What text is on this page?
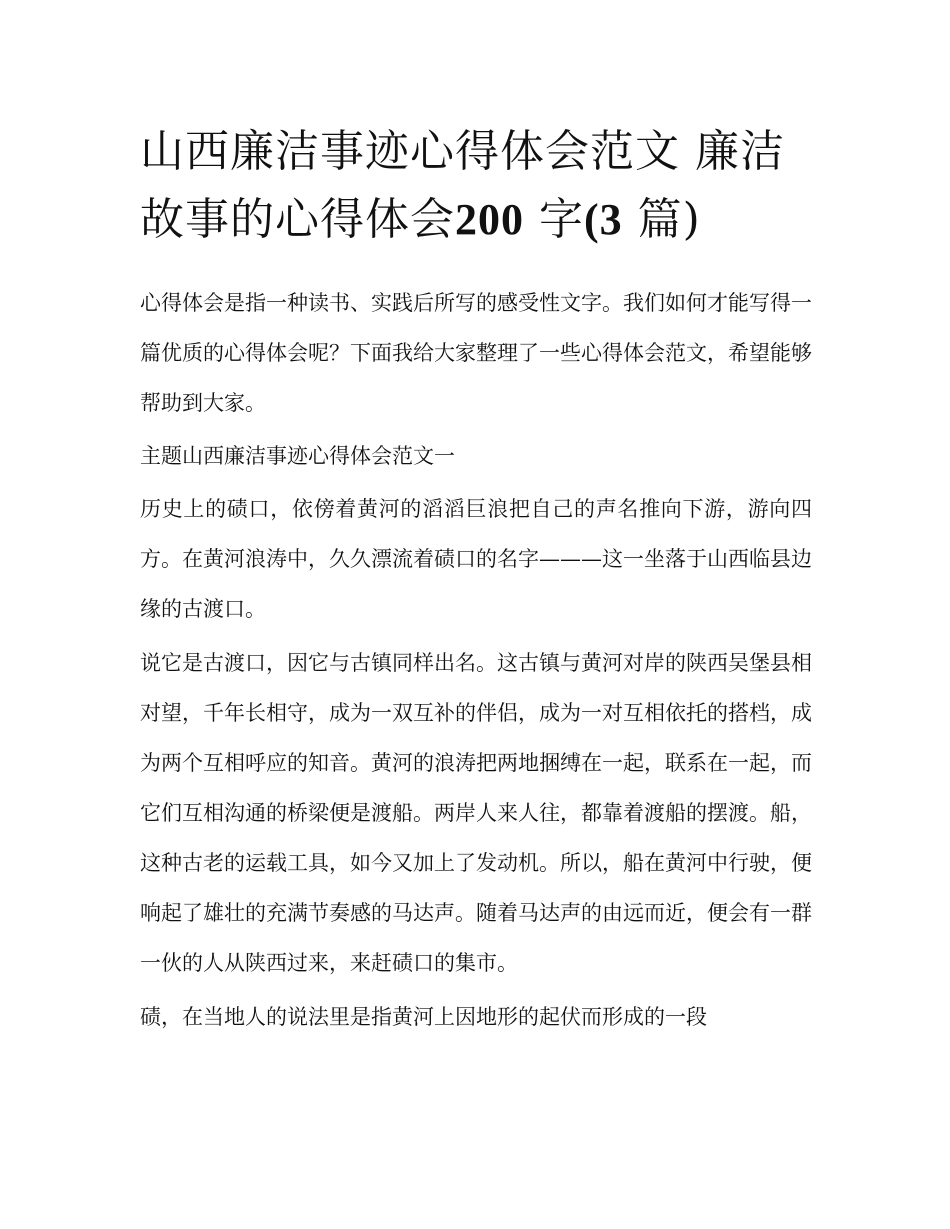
山西廉洁事迹心得体会范文 廉洁故事的心得体会200 字(3 篇)

心得体会是指一种读书、实践后所写的感受性文字。我们如何才能写得一篇优质的心得体会呢？下面我给大家整理了一些心得体会范文，希望能够帮助到大家。

主题山西廉洁事迹心得体会范文一

历史上的碛口，依傍着黄河的滔滔巨浪把自己的声名推向下游，游向四方。在黄河浪涛中，久久漂流着碛口的名字———这一坐落于山西临县边缘的古渡口。

说它是古渡口，因它与古镇同样出名。这古镇与黄河对岸的陕西吴堡县相对望，千年长相守，成为一双互补的伴侣，成为一对互相依托的搭档，成为两个互相呼应的知音。黄河的浪涛把两地捆缚在一起，联系在一起，而它们互相沟通的桥梁便是渡船。两岸人来人往，都靠着渡船的摆渡。船，这种古老的运载工具，如今又加上了发动机。所以，船在黄河中行驶，便响起了雄壮的充满节奏感的马达声。随着马达声的由远而近，便会有一群一伙的人从陕西过来，来赶碛口的集市。

碛，在当地人的说法里是指黄河上因地形的起伏而形成的一段
